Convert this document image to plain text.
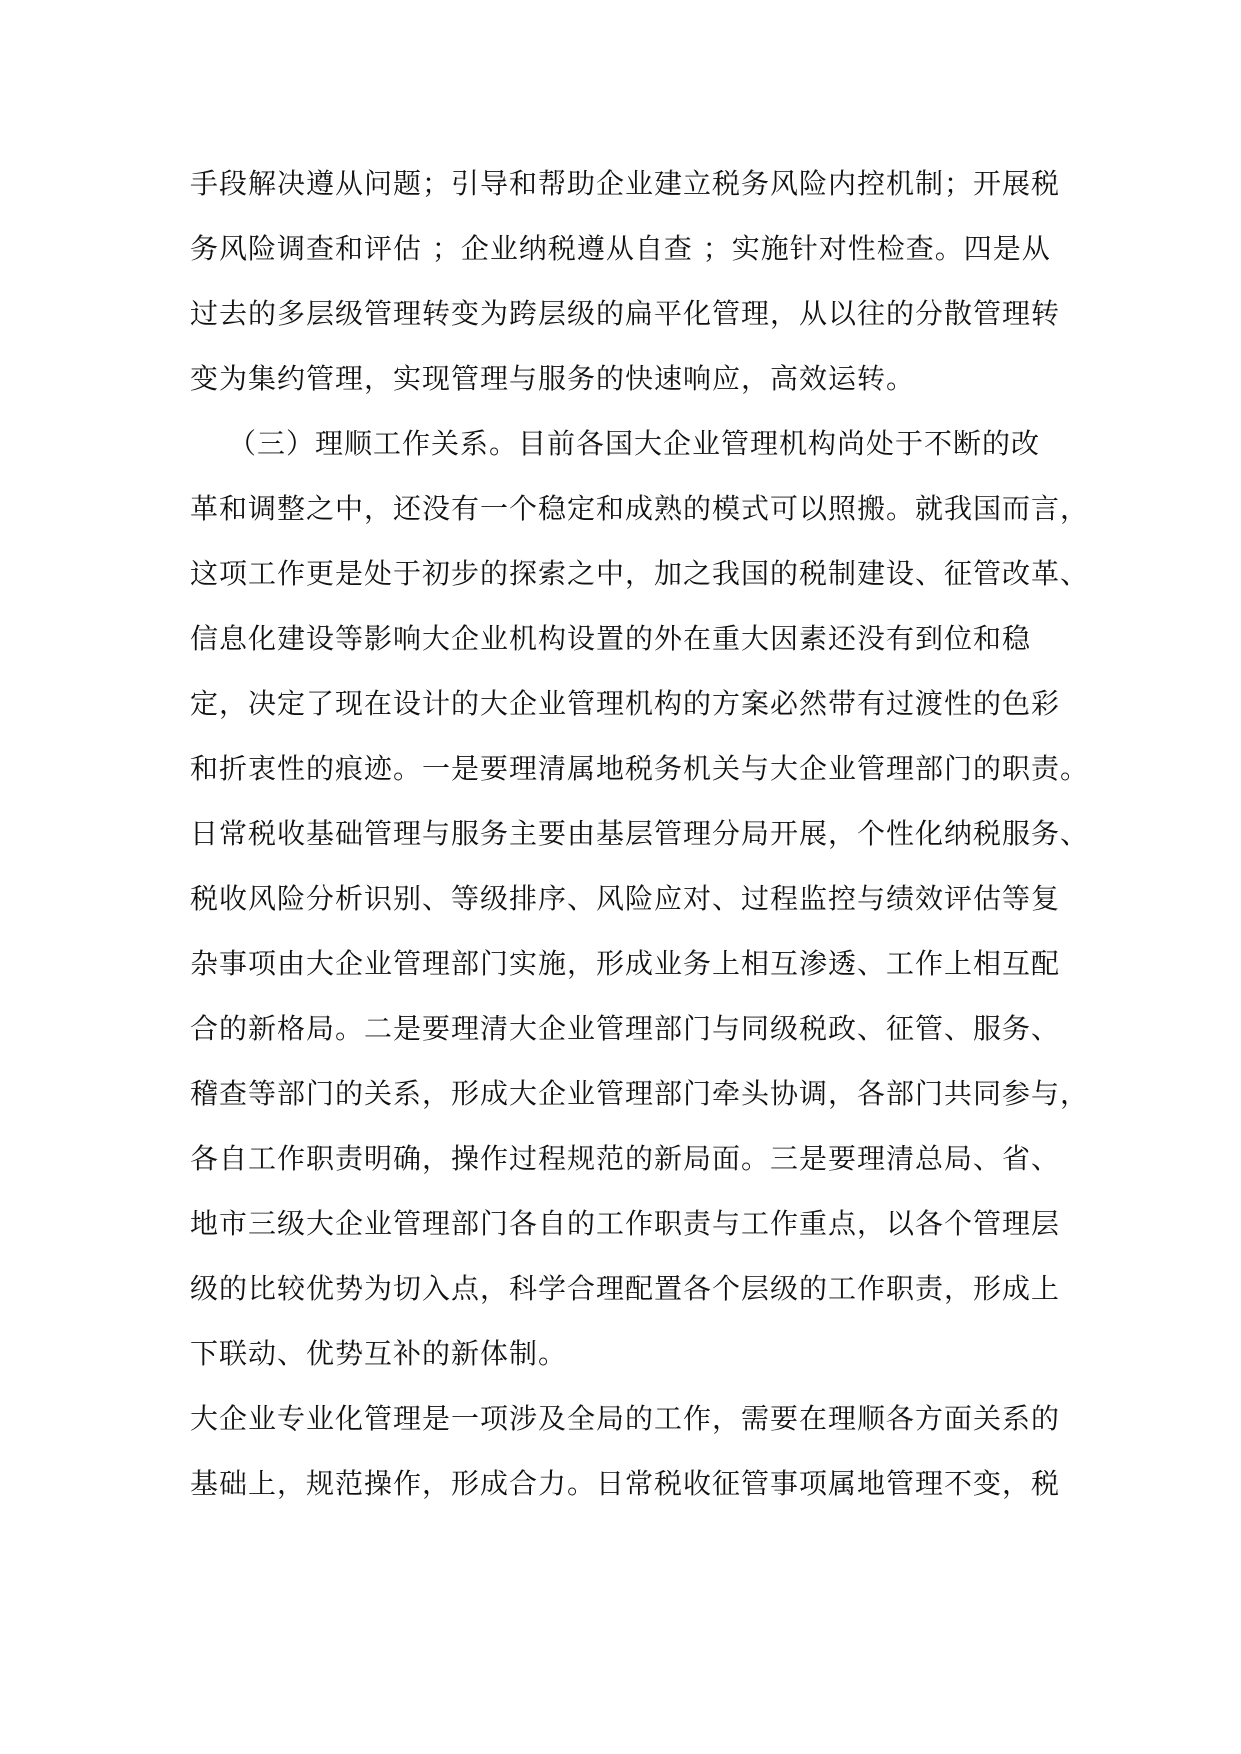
手段解决遵从问题；引导和帮助企业建立税务风险内控机制；开展税
务风险调查和评估 ；企业纳税遵从自查 ；实施针对性检查。四是从
过去的多层级管理转变为跨层级的扁平化管理，从以往的分散管理转
变为集约管理，实现管理与服务的快速响应，高效运转。
（三）理顺工作关系。目前各国大企业管理机构尚处于不断的改
革和调整之中，还没有一个稳定和成熟的模式可以照搬。就我国而言，
这项工作更是处于初步的探索之中，加之我国的税制建设、征管改革、
信息化建设等影响大企业机构设置的外在重大因素还没有到位和稳
定，决定了现在设计的大企业管理机构的方案必然带有过渡性的色彩
和折衷性的痕迹。一是要理清属地税务机关与大企业管理部门的职责。
日常税收基础管理与服务主要由基层管理分局开展，个性化纳税服务、
税收风险分析识别、等级排序、风险应对、过程监控与绩效评估等复
杂事项由大企业管理部门实施，形成业务上相互渗透、工作上相互配
合的新格局。二是要理清大企业管理部门与同级税政、征管、服务、
稽查等部门的关系，形成大企业管理部门牵头协调，各部门共同参与，
各自工作职责明确，操作过程规范的新局面。三是要理清总局、省、
地市三级大企业管理部门各自的工作职责与工作重点，以各个管理层
级的比较优势为切入点，科学合理配置各个层级的工作职责，形成上
下联动、优势互补的新体制。
大企业专业化管理是一项涉及全局的工作，需要在理顺各方面关系的
基础上，规范操作，形成合力。日常税收征管事项属地管理不变，税
